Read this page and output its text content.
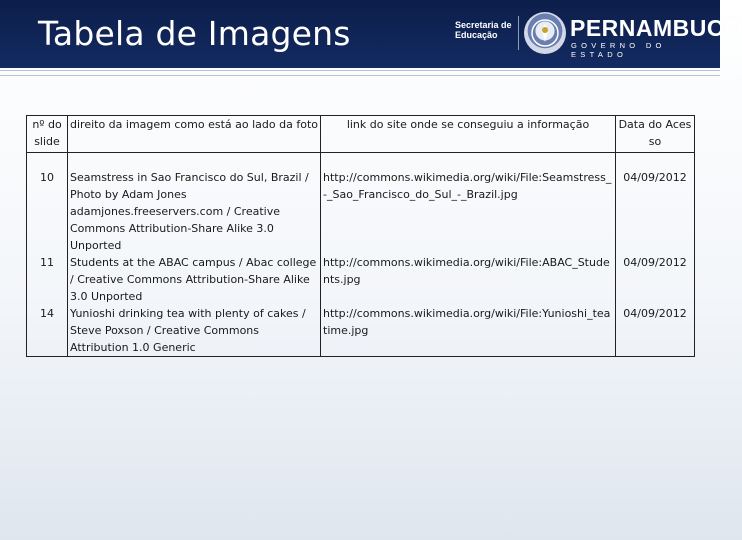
Tabela de Imagens	Secretaria de
Educação	PERNAMBUCO
GOVERNO DO ESTADO
nº do slide	direito da imagem como está ao lado da foto	link do site onde se conseguiu a informação	Data do Acesso

10	Seamstress in Sao Francisco do Sul, Brazil / Photo by Adam Jones adamjones.freeservers.com / Creative Commons Attribution-Share Alike 3.0 Unported	http://commons.wikimedia.org/wiki/File:Seamstress_-_Sao_Francisco_do_Sul_-_Brazil.jpg	04/09/2012
11	Students at the ABAC campus / Abac college / Creative Commons Attribution-Share Alike 3.0 Unported	http://commons.wikimedia.org/wiki/File:ABAC_Students.jpg	04/09/2012
14	Yunioshi drinking tea with plenty of cakes / Steve Poxson / Creative Commons Attribution 1.0 Generic	http://commons.wikimedia.org/wiki/File:Yunioshi_teatime.jpg	04/09/2012
